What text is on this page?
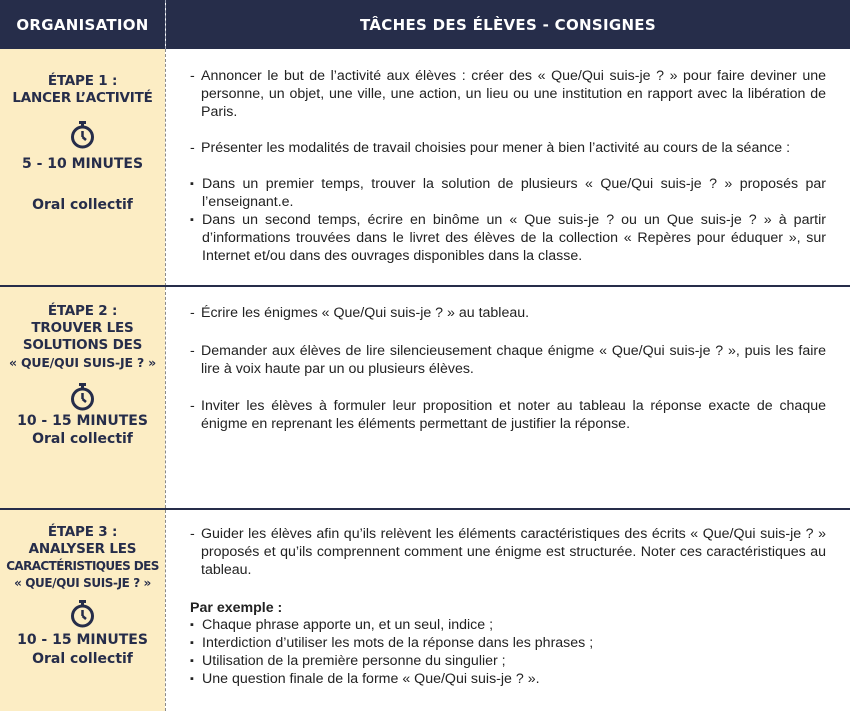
ORGANISATION	TÂCHES DES ÉLÈVES - CONSIGNES
ÉTAPE 1 :
LANCER L’ACTIVITÉ
5 - 10 MINUTES
Oral collectif
- Annoncer le but de l’activité aux élèves : créer des « Que/Qui suis-je ? » pour faire deviner une personne, un objet, une ville, une action, un lieu ou une institution en rapport avec la libération de Paris.
- Présenter les modalités de travail choisies pour mener à bien l’activité au cours de la séance :
▪ Dans un premier temps, trouver la solution de plusieurs « Que/Qui suis-je ? » proposés par l’enseignant.e.
▪ Dans un second temps, écrire en binôme un « Que suis-je ? ou un Que suis-je ? » à partir d’informations trouvées dans le livret des élèves de la collection « Repères pour éduquer », sur Internet et/ou dans des ouvrages disponibles dans la classe.
ÉTAPE 2 :
TROUVER LES
SOLUTIONS DES
« QUE/QUI SUIS-JE ? »
10 - 15 MINUTES
Oral collectif
- Écrire les énigmes « Que/Qui suis-je ? » au tableau.
- Demander aux élèves de lire silencieusement chaque énigme « Que/Qui suis-je ? », puis les faire lire à voix haute par un ou plusieurs élèves.
- Inviter les élèves à formuler leur proposition et noter au tableau la réponse exacte de chaque énigme en reprenant les éléments permettant de justifier la réponse.
ÉTAPE 3 :
ANALYSER LES
CARACTÉRISTIQUES DES
« QUE/QUI SUIS-JE ? »
10 - 15 MINUTES
Oral collectif
- Guider les élèves afin qu’ils relèvent les éléments caractéristiques des écrits « Que/Qui suis-je ? » proposés et qu’ils comprennent comment une énigme est structurée. Noter ces caractéristiques au tableau.
Par exemple :
▪ Chaque phrase apporte un, et un seul, indice ;
▪ Interdiction d’utiliser les mots de la réponse dans les phrases ;
▪ Utilisation de la première personne du singulier ;
▪ Une question finale de la forme « Que/Qui suis-je ? ».
